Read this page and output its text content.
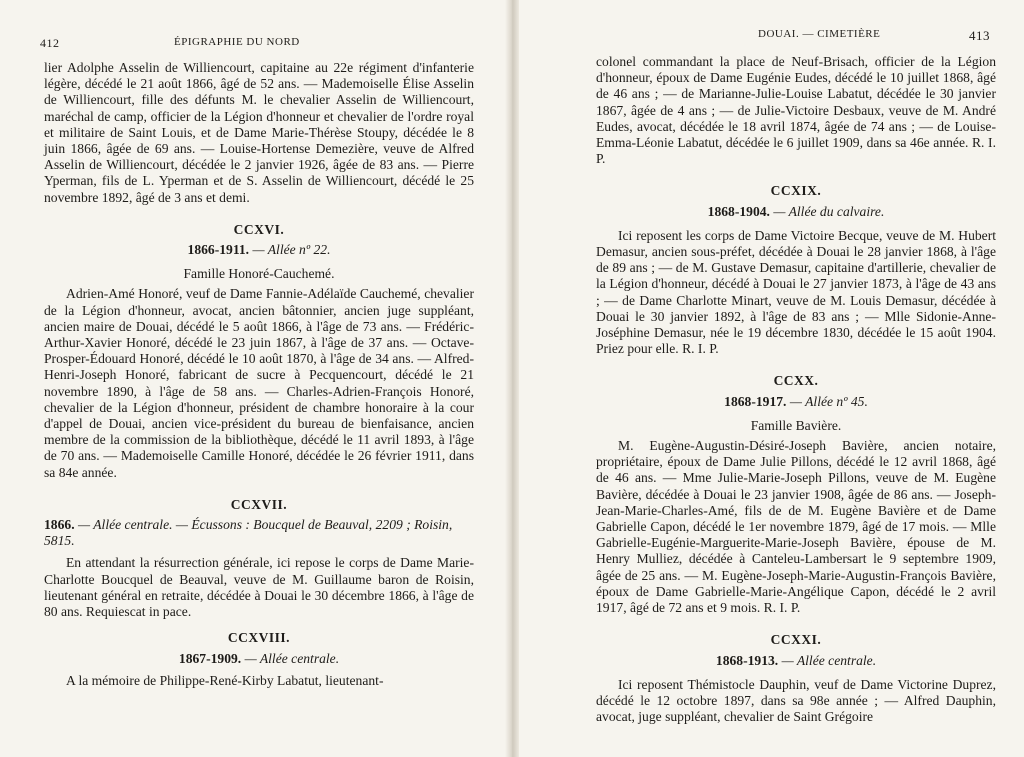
412	ÉPIGRAPHIE DU NORD

lier Adolphe Asselin de Williencourt, capitaine au 22e régiment d'infanterie légère, décédé le 21 août 1866, âgé de 52 ans. — Mademoiselle Élise Asselin de Williencourt, fille des défunts M. le chevalier Asselin de Williencourt, maréchal de camp, officier de la Légion d'honneur et chevalier de l'ordre royal et militaire de Saint Louis, et de Dame Marie-Thérèse Stoupy, décédée le 8 juin 1866, âgée de 69 ans. — Louise-Hortense Demezière, veuve de Alfred Asselin de Williencourt, décédée le 2 janvier 1926, âgée de 83 ans. — Pierre Yperman, fils de L. Yperman et de S. Asselin de Williencourt, décédé le 25 novembre 1892, âgé de 3 ans et demi.

CCXVI.
1866-1911. — Allée nº 22.
Famille Honoré-Cauchemé.

Adrien-Amé Honoré, veuf de Dame Fannie-Adélaïde Cauchemé, chevalier de la Légion d'honneur, avocat, ancien bâtonnier, ancien juge suppléant, ancien maire de Douai, décédé le 5 août 1866, à l'âge de 73 ans. — Frédéric-Arthur-Xavier Honoré, décédé le 23 juin 1867, à l'âge de 37 ans. — Octave-Prosper-Édouard Honoré, décédé le 10 août 1870, à l'âge de 34 ans. — Alfred-Henri-Joseph Honoré, fabricant de sucre à Pecquencourt, décédé le 21 novembre 1890, à l'âge de 58 ans. — Charles-Adrien-François Honoré, chevalier de la Légion d'honneur, président de chambre honoraire à la cour d'appel de Douai, ancien vice-président du bureau de bienfaisance, ancien membre de la commission de la bibliothèque, décédé le 11 avril 1893, à l'âge de 70 ans. — Mademoiselle Camille Honoré, décédée le 26 février 1911, dans sa 84e année.

CCXVII.

1866. — Allée centrale. — Écussons : Boucquel de Beauval, 2209 ; Roisin, 5815.

En attendant la résurrection générale, ici repose le corps de Dame Marie-Charlotte Boucquel de Beauval, veuve de M. Guillaume baron de Roisin, lieutenant général en retraite, décédée à Douai le 30 décembre 1866, à l'âge de 80 ans. Requiescat in pace.

CCXVIII.
1867-1909. — Allée centrale.

A la mémoire de Philippe-René-Kirby Labatut, lieutenant-

DOUAI. — CIMETIÈRE	413

colonel commandant la place de Neuf-Brisach, officier de la Légion d'honneur, époux de Dame Eugénie Eudes, décédé le 10 juillet 1868, âgé de 46 ans ; — de Marianne-Julie-Louise Labatut, décédée le 30 janvier 1867, âgée de 4 ans ; — de Julie-Victoire Desbaux, veuve de M. André Eudes, avocat, décédée le 18 avril 1874, âgée de 74 ans ; — de Louise-Emma-Léonie Labatut, décédée le 6 juillet 1909, dans sa 46e année. R. I. P.

CCXIX.
1868-1904. — Allée du calvaire.

Ici reposent les corps de Dame Victoire Becque, veuve de M. Hubert Demasur, ancien sous-préfet, décédée à Douai le 28 janvier 1868, à l'âge de 89 ans ; — de M. Gustave Demasur, capitaine d'artillerie, chevalier de la Légion d'honneur, décédé à Douai le 27 janvier 1873, à l'âge de 43 ans ; — de Dame Charlotte Minart, veuve de M. Louis Demasur, décédée à Douai le 30 janvier 1892, à l'âge de 83 ans ; — Mlle Sidonie-Anne-Joséphine Demasur, née le 19 décembre 1830, décédée le 15 août 1904. Priez pour elle. R. I. P.

CCXX.
1868-1917. — Allée nº 45.
Famille Bavière.

M. Eugène-Augustin-Désiré-Joseph Bavière, ancien notaire, propriétaire, époux de Dame Julie Pillons, décédé le 12 avril 1868, âgé de 46 ans. — Mme Julie-Marie-Joseph Pillons, veuve de M. Eugène Bavière, décédée à Douai le 23 janvier 1908, âgée de 86 ans. — Joseph-Jean-Marie-Charles-Amé, fils de de M. Eugène Bavière et de Dame Gabrielle Capon, décédé le 1er novembre 1879, âgé de 17 mois. — Mlle Gabrielle-Eugénie-Marguerite-Marie-Joseph Bavière, épouse de M. Henry Mulliez, décédée à Canteleu-Lambersart le 9 septembre 1909, âgée de 25 ans. — M. Eugène-Joseph-Marie-Augustin-François Bavière, époux de Dame Gabrielle-Marie-Angélique Capon, décédé le 2 avril 1917, âgé de 72 ans et 9 mois. R. I. P.

CCXXI.
1868-1913. — Allée centrale.

Ici reposent Thémistocle Dauphin, veuf de Dame Victorine Duprez, décédé le 12 octobre 1897, dans sa 98e année ; — Alfred Dauphin, avocat, juge suppléant, chevalier de Saint Grégoire
